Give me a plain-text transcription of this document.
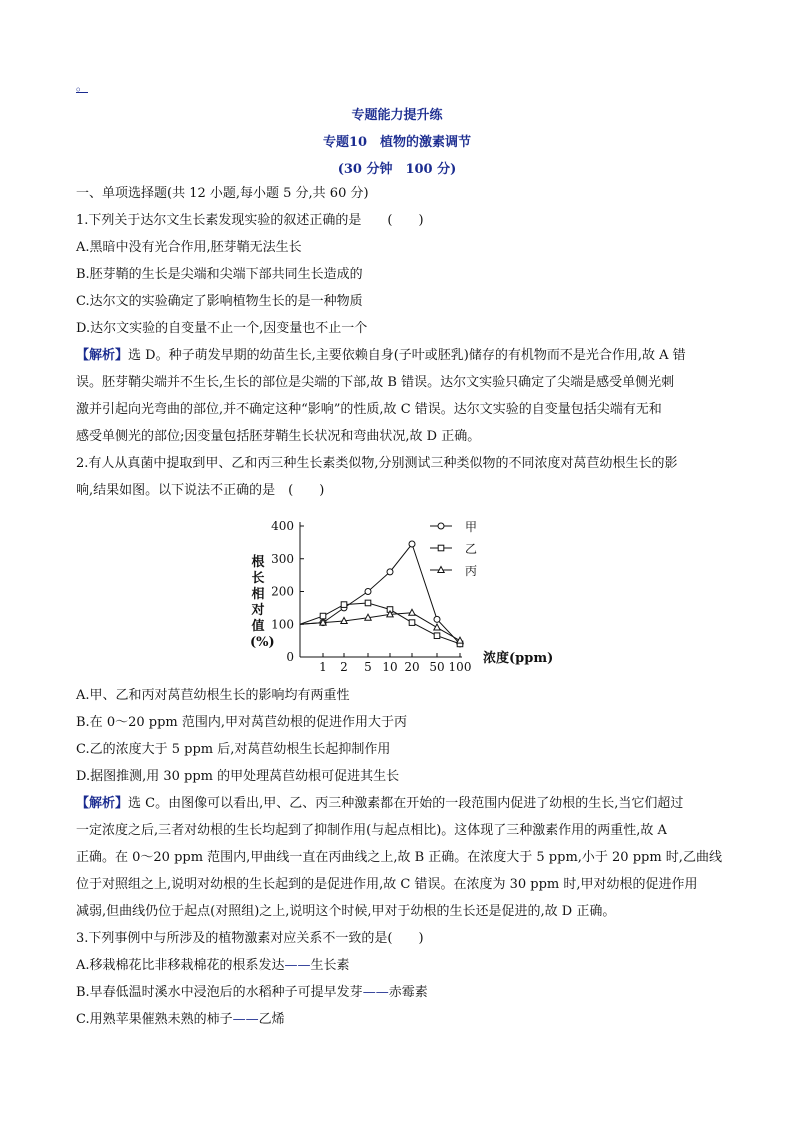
。
专题能力提升练
专题10　植物的激素调节
(30 分钟　100 分)
一、单项选择题(共 12 小题,每小题 5 分,共 60 分)
1.下列关于达尔文生长素发现实验的叙述正确的是　　(　　)
A.黑暗中没有光合作用,胚芽鞘无法生长
B.胚芽鞘的生长是尖端和尖端下部共同生长造成的
C.达尔文的实验确定了影响植物生长的是一种物质
D.达尔文实验的自变量不止一个,因变量也不止一个
【解析】选 D。种子萌发早期的幼苗生长,主要依赖自身(子叶或胚乳)储存的有机物而不是光合作用,故 A 错
误。胚芽鞘尖端并不生长,生长的部位是尖端的下部,故 B 错误。达尔文实验只确定了尖端是感受单侧光刺
激并引起向光弯曲的部位,并不确定这种“影响”的性质,故 C 错误。达尔文实验的自变量包括尖端有无和
感受单侧光的部位;因变量包括胚芽鞘生长状况和弯曲状况,故 D 正确。
2.有人从真菌中提取到甲、乙和丙三种生长素类似物,分别测试三种类似物的不同浓度对莴苣幼根生长的影
响,结果如图。以下说法不正确的是　(　　)
0
100
200
300
400
1 2 5 10 20 50 100
甲
乙
丙
根长相对值(%)
浓度(ppm)
A.甲、乙和丙对莴苣幼根生长的影响均有两重性
B.在 0～20 ppm 范围内,甲对莴苣幼根的促进作用大于丙
C.乙的浓度大于 5 ppm 后,对莴苣幼根生长起抑制作用
D.据图推测,用 30 ppm 的甲处理莴苣幼根可促进其生长
【解析】选 C。由图像可以看出,甲、乙、丙三种激素都在开始的一段范围内促进了幼根的生长,当它们超过
一定浓度之后,三者对幼根的生长均起到了抑制作用(与起点相比)。这体现了三种激素作用的两重性,故 A
正确。在 0～20 ppm 范围内,甲曲线一直在丙曲线之上,故 B 正确。在浓度大于 5 ppm,小于 20 ppm 时,乙曲线
位于对照组之上,说明对幼根的生长起到的是促进作用,故 C 错误。在浓度为 30 ppm 时,甲对幼根的促进作用
减弱,但曲线仍位于起点(对照组)之上,说明这个时候,甲对于幼根的生长还是促进的,故 D 正确。
3.下列事例中与所涉及的植物激素对应关系不一致的是(　　)
A.移栽棉花比非移栽棉花的根系发达——生长素
B.早春低温时溪水中浸泡后的水稻种子可提早发芽——赤霉素
C.用熟苹果催熟未熟的柿子——乙烯
